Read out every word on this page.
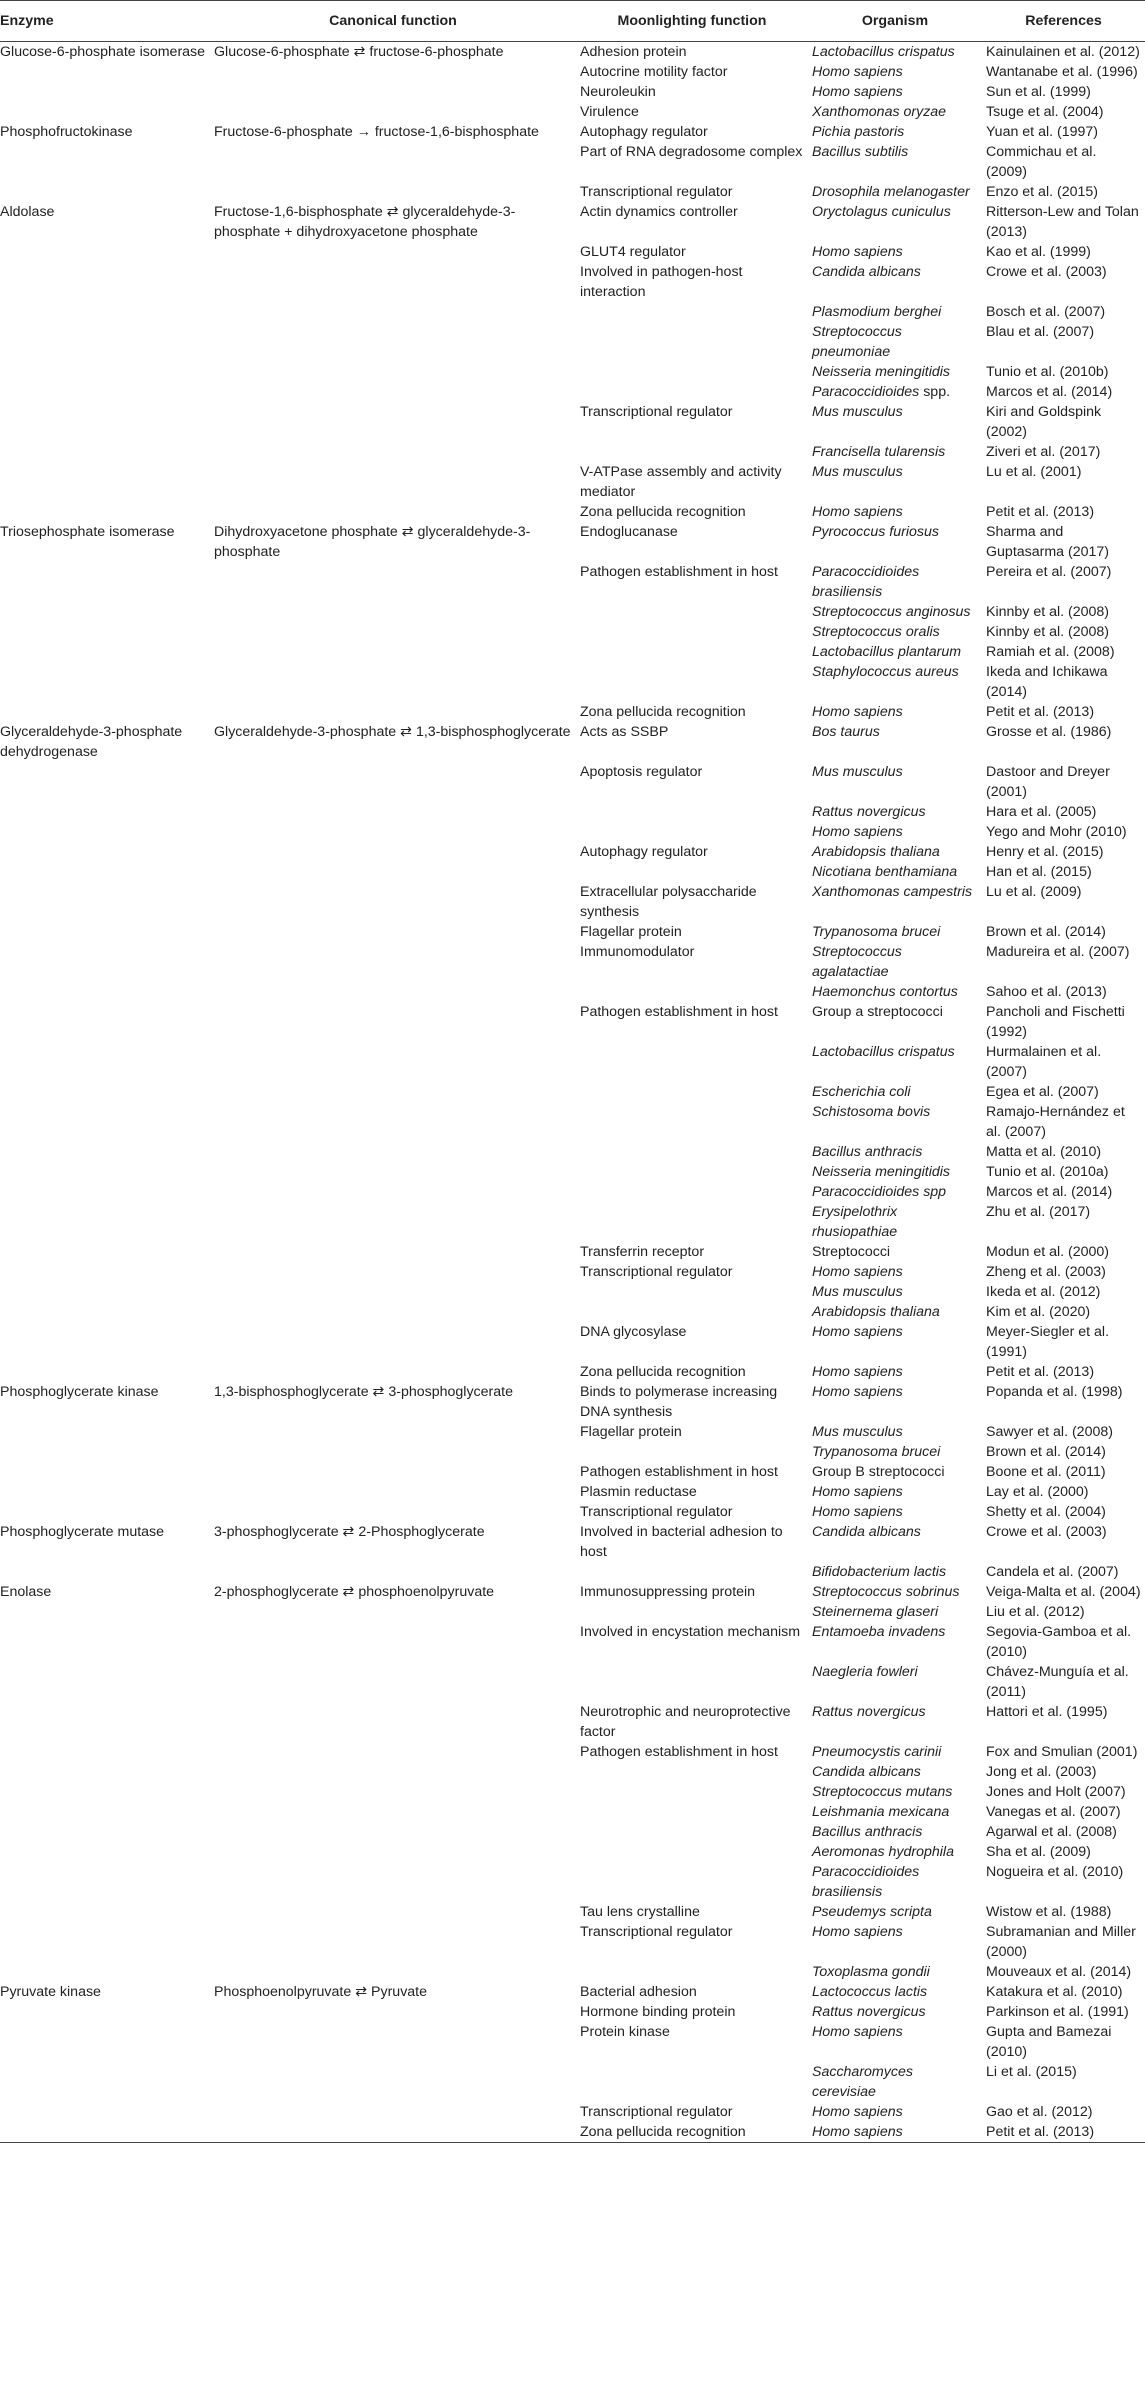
Enzyme	Canonical function	Moonlighting function	Organism	References
Glucose-6-phosphate isomerase	Glucose-6-phosphate ⇄ fructose-6-phosphate	Adhesion protein	Lactobacillus crispatus	Kainulainen et al. (2012)
		Autocrine motility factor	Homo sapiens	Wantanabe et al. (1996)
		Neuroleukin	Homo sapiens	Sun et al. (1999)
		Virulence	Xanthomonas oryzae	Tsuge et al. (2004)
Phosphofructokinase	Fructose-6-phosphate → fructose-1,6-bisphosphate	Autophagy regulator	Pichia pastoris	Yuan et al. (1997)
		Part of RNA degradosome complex	Bacillus subtilis	Commichau et al. (2009)
		Transcriptional regulator	Drosophila melanogaster	Enzo et al. (2015)
Aldolase	Fructose-1,6-bisphosphate ⇄ glyceraldehyde-3-phosphate + dihydroxyacetone phosphate	Actin dynamics controller	Oryctolagus cuniculus	Ritterson-Lew and Tolan (2013)
		GLUT4 regulator	Homo sapiens	Kao et al. (1999)
		Involved in pathogen-host interaction	Candida albicans	Crowe et al. (2003)
			Plasmodium berghei	Bosch et al. (2007)
			Streptococcus pneumoniae	Blau et al. (2007)
			Neisseria meningitidis	Tunio et al. (2010b)
			Paracoccidioides spp.	Marcos et al. (2014)
		Transcriptional regulator	Mus musculus	Kiri and Goldspink (2002)
			Francisella tularensis	Ziveri et al. (2017)
		V-ATPase assembly and activity mediator	Mus musculus	Lu et al. (2001)
		Zona pellucida recognition	Homo sapiens	Petit et al. (2013)
Triosephosphate isomerase	Dihydroxyacetone phosphate ⇄ glyceraldehyde-3-phosphate	Endoglucanase	Pyrococcus furiosus	Sharma and Guptasarma (2017)
		Pathogen establishment in host	Paracoccidioides brasiliensis	Pereira et al. (2007)
			Streptococcus anginosus	Kinnby et al. (2008)
			Streptococcus oralis	Kinnby et al. (2008)
			Lactobacillus plantarum	Ramiah et al. (2008)
			Staphylococcus aureus	Ikeda and Ichikawa (2014)
		Zona pellucida recognition	Homo sapiens	Petit et al. (2013)
Glyceraldehyde-3-phosphate dehydrogenase	Glyceraldehyde-3-phosphate ⇄ 1,3-bisphosphoglycerate	Acts as SSBP	Bos taurus	Grosse et al. (1986)
		Apoptosis regulator	Mus musculus	Dastoor and Dreyer (2001)
			Rattus novergicus	Hara et al. (2005)
			Homo sapiens	Yego and Mohr (2010)
		Autophagy regulator	Arabidopsis thaliana	Henry et al. (2015)
			Nicotiana benthamiana	Han et al. (2015)
		Extracellular polysaccharide synthesis	Xanthomonas campestris	Lu et al. (2009)
		Flagellar protein	Trypanosoma brucei	Brown et al. (2014)
		Immunomodulator	Streptococcus agalatactiae	Madureira et al. (2007)
			Haemonchus contortus	Sahoo et al. (2013)
		Pathogen establishment in host	Group a streptococci	Pancholi and Fischetti (1992)
			Lactobacillus crispatus	Hurmalainen et al. (2007)
			Escherichia coli	Egea et al. (2007)
			Schistosoma bovis	Ramajo-Hernández et al. (2007)
			Bacillus anthracis	Matta et al. (2010)
			Neisseria meningitidis	Tunio et al. (2010a)
			Paracoccidioides spp	Marcos et al. (2014)
			Erysipelothrix rhusiopathiae	Zhu et al. (2017)
		Transferrin receptor	Streptococci	Modun et al. (2000)
		Transcriptional regulator	Homo sapiens	Zheng et al. (2003)
			Mus musculus	Ikeda et al. (2012)
			Arabidopsis thaliana	Kim et al. (2020)
		DNA glycosylase	Homo sapiens	Meyer-Siegler et al. (1991)
		Zona pellucida recognition	Homo sapiens	Petit et al. (2013)
Phosphoglycerate kinase	1,3-bisphosphoglycerate ⇄ 3-phosphoglycerate	Binds to polymerase increasing DNA synthesis	Homo sapiens	Popanda et al. (1998)
		Flagellar protein	Mus musculus	Sawyer et al. (2008)
			Trypanosoma brucei	Brown et al. (2014)
		Pathogen establishment in host	Group B streptococci	Boone et al. (2011)
		Plasmin reductase	Homo sapiens	Lay et al. (2000)
		Transcriptional regulator	Homo sapiens	Shetty et al. (2004)
Phosphoglycerate mutase	3-phosphoglycerate ⇄ 2-Phosphoglycerate	Involved in bacterial adhesion to host	Candida albicans	Crowe et al. (2003)
			Bifidobacterium lactis	Candela et al. (2007)
Enolase	2-phosphoglycerate ⇄ phosphoenolpyruvate	Immunosuppressing protein	Streptococcus sobrinus	Veiga-Malta et al. (2004)
			Steinernema glaseri	Liu et al. (2012)
		Involved in encystation mechanism	Entamoeba invadens	Segovia-Gamboa et al. (2010)
			Naegleria fowleri	Chávez-Munguía et al. (2011)
		Neurotrophic and neuroprotective factor	Rattus novergicus	Hattori et al. (1995)
		Pathogen establishment in host	Pneumocystis carinii	Fox and Smulian (2001)
			Candida albicans	Jong et al. (2003)
			Streptococcus mutans	Jones and Holt (2007)
			Leishmania mexicana	Vanegas et al. (2007)
			Bacillus anthracis	Agarwal et al. (2008)
			Aeromonas hydrophila	Sha et al. (2009)
			Paracoccidioides brasiliensis	Nogueira et al. (2010)
		Tau lens crystalline	Pseudemys scripta	Wistow et al. (1988)
		Transcriptional regulator	Homo sapiens	Subramanian and Miller (2000)
			Toxoplasma gondii	Mouveaux et al. (2014)
Pyruvate kinase	Phosphoenolpyruvate ⇄ Pyruvate	Bacterial adhesion	Lactococcus lactis	Katakura et al. (2010)
		Hormone binding protein	Rattus novergicus	Parkinson et al. (1991)
		Protein kinase	Homo sapiens	Gupta and Bamezai (2010)
			Saccharomyces cerevisiae	Li et al. (2015)
		Transcriptional regulator	Homo sapiens	Gao et al. (2012)
		Zona pellucida recognition	Homo sapiens	Petit et al. (2013)
